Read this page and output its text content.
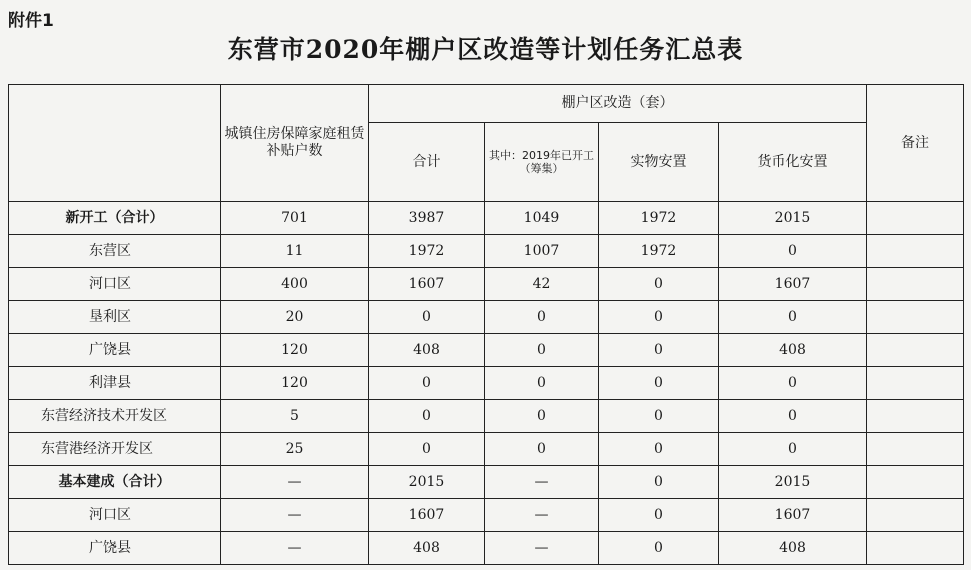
附件1
东营市2020年棚户区改造等计划任务汇总表
	城镇住房保障家庭租赁补贴户数	棚户区改造（套）				备注
		合计	其中：2019年已开工（筹集）	实物安置	货币化安置	
新开工（合计）	701	3987	1049	1972	2015	
东营区	11	1972	1007	1972	0	
河口区	400	1607	42	0	1607	
垦利区	20	0	0	0	0	
广饶县	120	408	0	0	408	
利津县	120	0	0	0	0	
东营经济技术开发区	5	0	0	0	0	
东营港经济开发区	25	0	0	0	0	
基本建成（合计）	—	2015	—	0	2015	
河口区	—	1607	—	0	1607	
广饶县	—	408	—	0	408	
